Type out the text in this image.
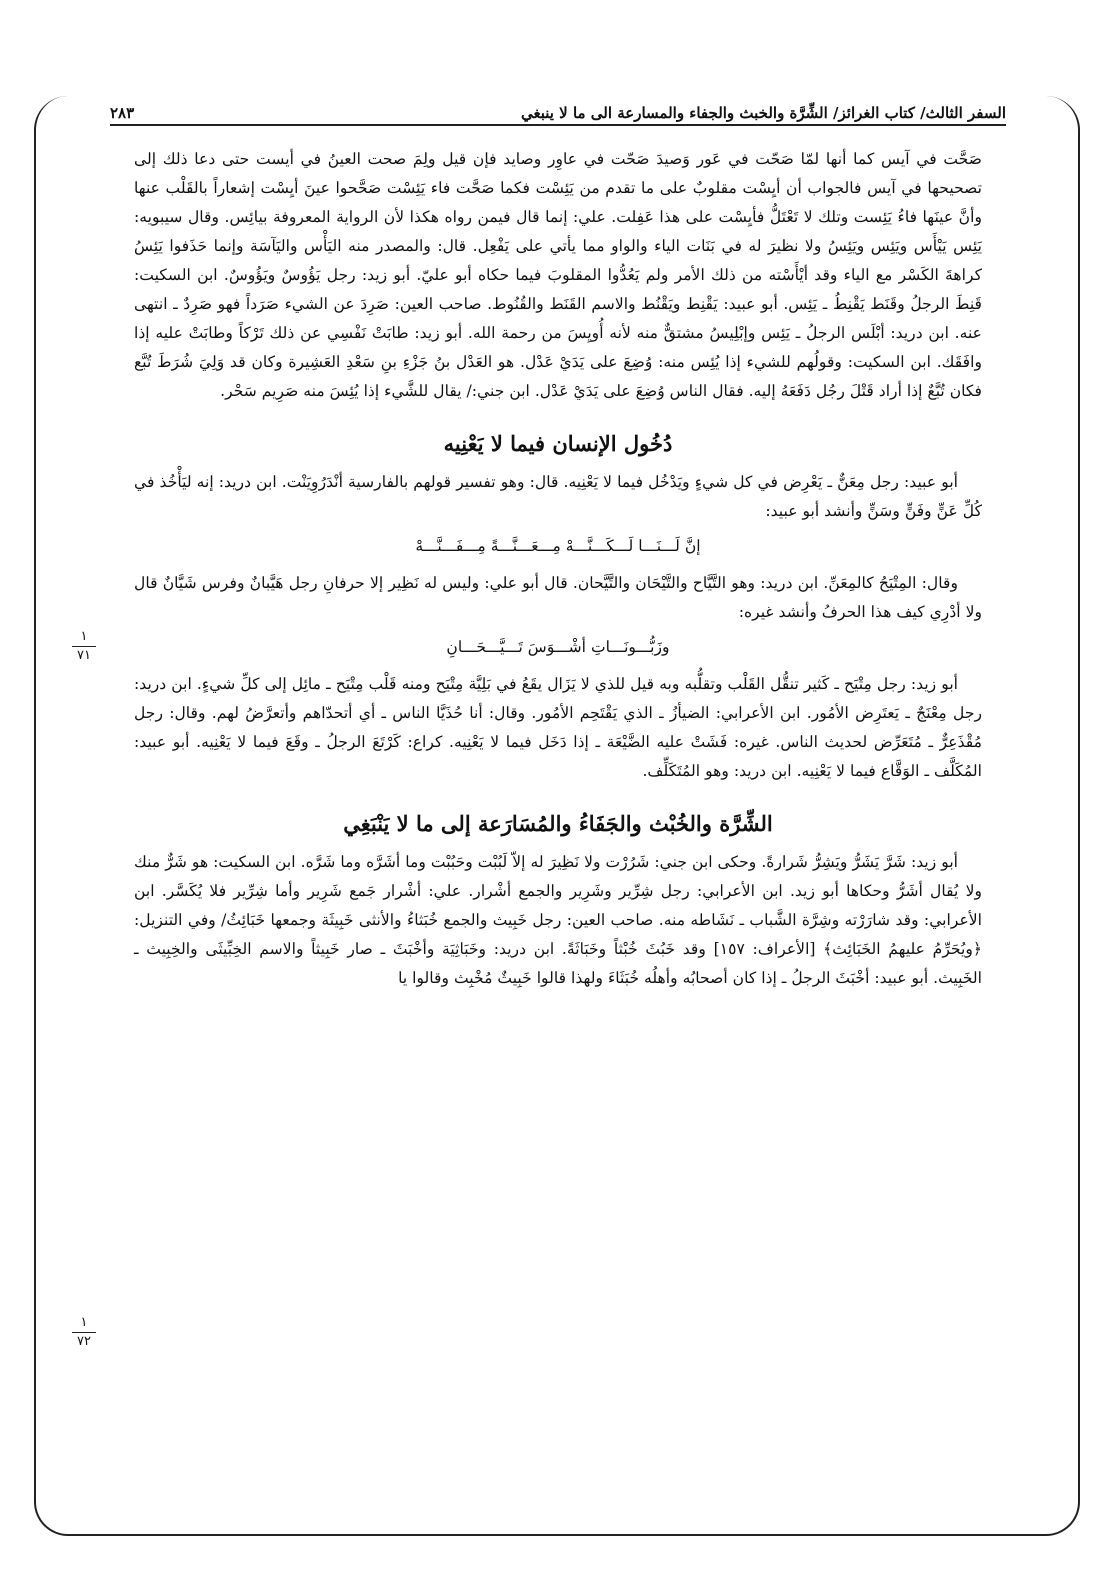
السفر الثالث/ كتاب الغرائز/ الشِّرَّة والخبث والجفاء والمسارعة الى ما لا ينبغي
٢٨٣
١
٧١
١
٧٢

صَحَّت في آيس كما أنها لمّا صَحّت في عَور وَصيدَ صَحّت في عاوِر وصايد فإن قيل ولِمَ صحت العينُ في أيست حتى دعا ذلك إلى تصحيحها في آيس فالجواب أن أيِسْت مقلوبٌ على ما تقدم من يَئِسْت فكما صَحَّت فاء يَئِسْت صَحَّحوا عينَ أيِسْت إشعاراً بالقَلْب عنها وأنَّ عينَها فاءُ يَئِست وتلك لا تَعْتَلُّ فأيِسْت على هذا عَفِلت. علي: إنما قال فيمن رواه هكذا لأن الرواية المعروفة بيائِس. وقال سيبويه: يَئِس يَيْأَس ويَئِس ويَئِسُ ولا نظيرَ له في بَنَات الياء والواو مما يأتي على يَفْعِل. قال: والمصدر منه اليَأْس واليَآسَة وإنما حَذَفوا يَئِسُ كراهةَ الكَسْر مع الياء وقد أيْأَسْته من ذلك الأمر ولم يَعُدُّوا المقلوبَ فيما حكاه أبو عليّ. أبو زيد: رجل يَؤُوسٌ ويَؤُوسٌ. ابن السكيت: قَنِطَ الرجلُ وقَنَط يَقْنِطُ ـ يَئِس. أبو عبيد: يَقْنِط ويَقْنُط والاسم القَنَط والقُنُوط. صاحب العين: صَرِدَ عن الشيء صَرَداً فهو صَرِدٌ ـ انتهى عنه. ابن دريد: أبْلَس الرجلُ ـ يَئِس وإبْلِيسُ مشتقٌّ منه لأنه أُويِسَ من رحمة الله. أبو زيد: طابَتْ نَفْسِي عن ذلك تَرْكاً وطابَتْ عليه إذا وافَقَك. ابن السكيت: وقولُهم للشيء إذا يُئِس منه: وُضِعَ على يَدَيْ عَدْل. هو العَدْل بنُ جَزْءِ بنِ سَعْدِ العَشِيرة وكان قد وَلِيَ شُرَطَ تُبَّع فكان تُبَّعٌ إذا أراد قَتْلَ رجُل دَفَعَهُ إليه. فقال الناس وُضِعَ على يَدَيْ عَدْل. ابن جني:/ يقال للشَّيء إذا يُئِسَ منه صَرِيم سَحْر.

دُخُول الإنسان فيما لا يَعْنِيه

أبو عبيد: رجل مِعَنٌّ ـ يَعْرِض في كل شيءٍ ويَدْخُل فيما لا يَعْنِيه. قال: وهو تفسير قولهم بالفارسية أنْدَرُوِيَنْت. ابن دريد: إنه ليَأْخُذ في كُلِّ عَنٍّ وفَنٍّ وسَنٍّ وأنشد أبو عبيد:

إنَّ لَـــنَـــا لَـــكَـــنَّـــهْ مِـــعَـــنَّـــةً مِـــفَـــنَّـــهْ

وقال: المِتْيَحُ كالمِعَنِّ. ابن دريد: وهو التَّيَّاح والتَّيْحَان والتَّيَّحان. قال أبو علي: وليس له نَظِير إلا حرفانِ رجل هَيَّبانٌ وفرس شَيَّانٌ قال ولا أدْرِي كيف هذا الحرفُ وأنشد غيره:

وزَبُّـــونَـــاتِ أشْـــوَسَ تَـــيَّـــحَـــانِ

أبو زيد: رجل مِتْيَح ـ كَثير تنقُّل القَلْب وتقلُّبه وبه قيل للذي لا يَزَال يقَعُ في بَلِيَّة مِتْيَح ومنه قَلْب مِتْيَح ـ مائِل إلى كلِّ شيءٍ. ابن دريد: رجل مِعْنَجٌ ـ يَعتَرِض الأمُور. ابن الأعرابي: الضيأزُ ـ الذي يَقْتَحِم الأمُور. وقال: أنا حُذَيَّا الناس ـ أي أتحدّاهم وأتعرَّضُ لهم. وقال: رجل مُقْذَعِرٌّ ـ مُتَعَرِّض لحديث الناس. غيره: فَشَتْ عليه الضَّيْعَة ـ إذا دَخَل فيما لا يَعْنِيه. كراع: كَرْتَعَ الرجلُ ـ وقَعَ فيما لا يَعْنِيه. أبو عبيد: المُكَلَّف ـ الوَقَّاع فيما لا يَعْنِيه. ابن دريد: وهو المُتَكَلِّف.

الشِّرَّة والخُبْث والجَفَاءُ والمُسَارَعة إلى ما لا يَنْبَغِي

أبو زيد: شَرَّ يَشَرُّ ويَشِرُّ شَرارةً. وحكى ابن جني: شَرُرْت ولا نَظِيرَ له إلاّ لَبُبْت وحَبُبْت وما أشَرَّه وما شَرَّه. ابن السكيت: هو شَرٌّ منك ولا يُقال أشَرُّ وحكاها أبو زيد. ابن الأعرابي: رجل شِرِّير وشَرِير والجمع أشْرار. علي: أشْرار جَمع شَرِير وأما شِرِّير فلا يُكَسَّر. ابن الأعرابي: وقد شارَرْته وشِرَّة الشَّباب ـ نَشَاطه منه. صاحب العين: رجل خَبِيث والجمع خُبَثاءُ والأنثى خَبِيثَة وجمعها خَبَائِثُ/ وفي التنزيل: ﴿ويُحَرِّمُ عليهمُ الخَبَائِث﴾ [الأعراف: ١٥٧] وقد خَبُثَ خُبْثاً وخَبَاثَةً. ابن دريد: وخَبَاثِيَة وأخْبَثَ ـ صار خَبِيثاً والاسم الخِبِّيثَى والخِبِيث ـ الخَبِيث. أبو عبيد: أخْبَثَ الرجلُ ـ إذا كان أصحابُه وأهلُه خُبَثَاءَ ولهذا قالوا خَبِيثٌ مُخْبِث وقالوا يا
